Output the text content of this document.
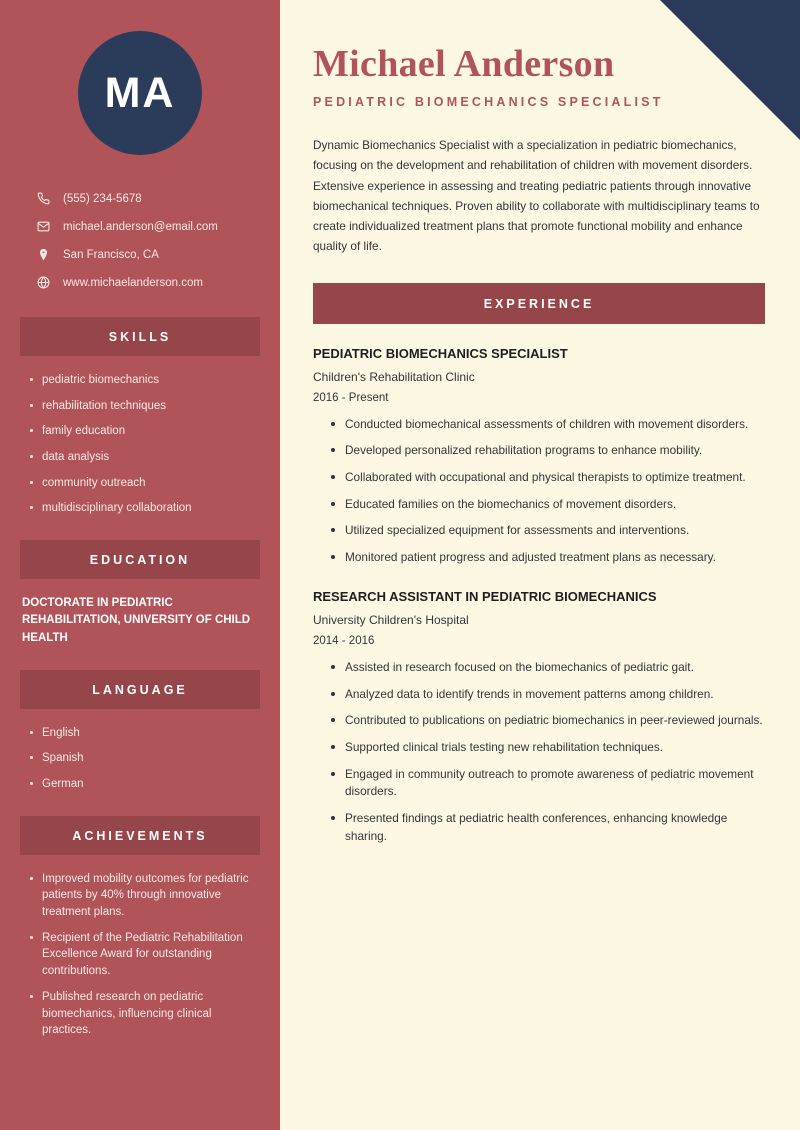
MA
(555) 234-5678
michael.anderson@email.com
San Francisco, CA
www.michaelanderson.com
SKILLS
pediatric biomechanics
rehabilitation techniques
family education
data analysis
community outreach
multidisciplinary collaboration
EDUCATION
DOCTORATE IN PEDIATRIC REHABILITATION, UNIVERSITY OF CHILD HEALTH
LANGUAGE
English
Spanish
German
ACHIEVEMENTS
Improved mobility outcomes for pediatric patients by 40% through innovative treatment plans.
Recipient of the Pediatric Rehabilitation Excellence Award for outstanding contributions.
Published research on pediatric biomechanics, influencing clinical practices.
Michael Anderson
PEDIATRIC BIOMECHANICS SPECIALIST

Dynamic Biomechanics Specialist with a specialization in pediatric biomechanics, focusing on the development and rehabilitation of children with movement disorders. Extensive experience in assessing and treating pediatric patients through innovative biomechanical techniques. Proven ability to collaborate with multidisciplinary teams to create individualized treatment plans that promote functional mobility and enhance quality of life.

EXPERIENCE
PEDIATRIC BIOMECHANICS SPECIALIST
Children's Rehabilitation Clinic
2016 - Present
Conducted biomechanical assessments of children with movement disorders.
Developed personalized rehabilitation programs to enhance mobility.
Collaborated with occupational and physical therapists to optimize treatment.
Educated families on the biomechanics of movement disorders.
Utilized specialized equipment for assessments and interventions.
Monitored patient progress and adjusted treatment plans as necessary.
RESEARCH ASSISTANT IN PEDIATRIC BIOMECHANICS
University Children's Hospital
2014 - 2016
Assisted in research focused on the biomechanics of pediatric gait.
Analyzed data to identify trends in movement patterns among children.
Contributed to publications on pediatric biomechanics in peer-reviewed journals.
Supported clinical trials testing new rehabilitation techniques.
Engaged in community outreach to promote awareness of pediatric movement disorders.
Presented findings at pediatric health conferences, enhancing knowledge sharing.
